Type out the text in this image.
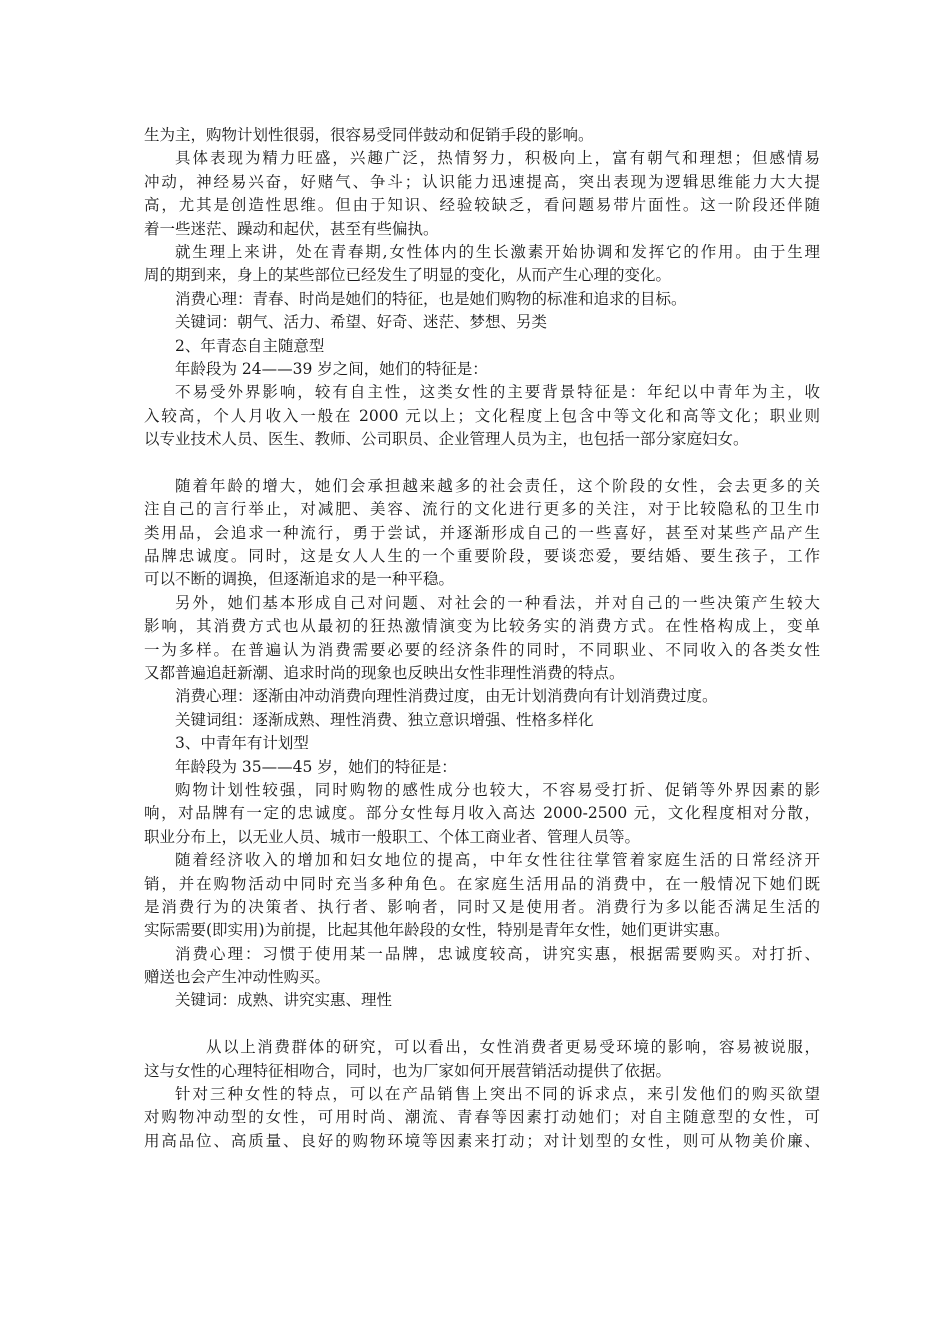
生为主，购物计划性很弱，很容易受同伴鼓动和促销手段的影响。
具体表现为精力旺盛，兴趣广泛，热情努力，积极向上，富有朝气和理想；但感情易
冲动，神经易兴奋，好赌气、争斗；认识能力迅速提高，突出表现为逻辑思维能力大大提
高，尤其是创造性思维。但由于知识、经验较缺乏，看问题易带片面性。这一阶段还伴随
着一些迷茫、躁动和起伏，甚至有些偏执。
就生理上来讲，处在青春期,女性体内的生长激素开始协调和发挥它的作用。由于生理
周的期到来，身上的某些部位已经发生了明显的变化，从而产生心理的变化。
消费心理：青春、时尚是她们的特征，也是她们购物的标准和追求的目标。
关键词：朝气、活力、希望、好奇、迷茫、梦想、另类
2、年青态自主随意型
年龄段为 24——39 岁之间，她们的特征是：
不易受外界影响，较有自主性，这类女性的主要背景特征是：年纪以中青年为主，收
入较高，个人月收入一般在 2000 元以上；文化程度上包含中等文化和高等文化；职业则
以专业技术人员、医生、教师、公司职员、企业管理人员为主，也包括一部分家庭妇女。
随着年龄的增大，她们会承担越来越多的社会责任，这个阶段的女性，会去更多的关
注自己的言行举止，对减肥、美容、流行的文化进行更多的关注，对于比较隐私的卫生巾
类用品，会追求一种流行，勇于尝试，并逐渐形成自己的一些喜好，甚至对某些产品产生
品牌忠诚度。同时，这是女人人生的一个重要阶段，要谈恋爱，要结婚、要生孩子，工作
可以不断的调换，但逐渐追求的是一种平稳。
另外，她们基本形成自己对问题、对社会的一种看法，并对自己的一些决策产生较大
影响，其消费方式也从最初的狂热激情演变为比较务实的消费方式。在性格构成上，变单
一为多样。在普遍认为消费需要必要的经济条件的同时，不同职业、不同收入的各类女性
又都普遍追赶新潮、追求时尚的现象也反映出女性非理性消费的特点。
消费心理：逐渐由冲动消费向理性消费过度，由无计划消费向有计划消费过度。
关键词组：逐渐成熟、理性消费、独立意识增强、性格多样化
3、中青年有计划型
年龄段为 35——45 岁，她们的特征是：
购物计划性较强，同时购物的感性成分也较大，不容易受打折、促销等外界因素的影
响，对品牌有一定的忠诚度。部分女性每月收入高达 2000-2500 元，文化程度相对分散，
职业分布上，以无业人员、城市一般职工、个体工商业者、管理人员等。
随着经济收入的增加和妇女地位的提高，中年女性往往掌管着家庭生活的日常经济开
销，并在购物活动中同时充当多种角色。在家庭生活用品的消费中，在一般情况下她们既
是消费行为的决策者、执行者、影响者，同时又是使用者。消费行为多以能否满足生活的
实际需要(即实用)为前提，比起其他年龄段的女性，特别是青年女性，她们更讲实惠。
消费心理：习惯于使用某一品牌，忠诚度较高，讲究实惠，根据需要购买。对打折、
赠送也会产生冲动性购买。
关键词：成熟、讲究实惠、理性
从以上消费群体的研究，可以看出，女性消费者更易受环境的影响，容易被说服，
这与女性的心理特征相吻合，同时，也为厂家如何开展营销活动提供了依据。
针对三种女性的特点，可以在产品销售上突出不同的诉求点，来引发他们的购买欲望
对购物冲动型的女性，可用时尚、潮流、青春等因素打动她们；对自主随意型的女性，可
用高品位、高质量、良好的购物环境等因素来打动；对计划型的女性，则可从物美价廉、
